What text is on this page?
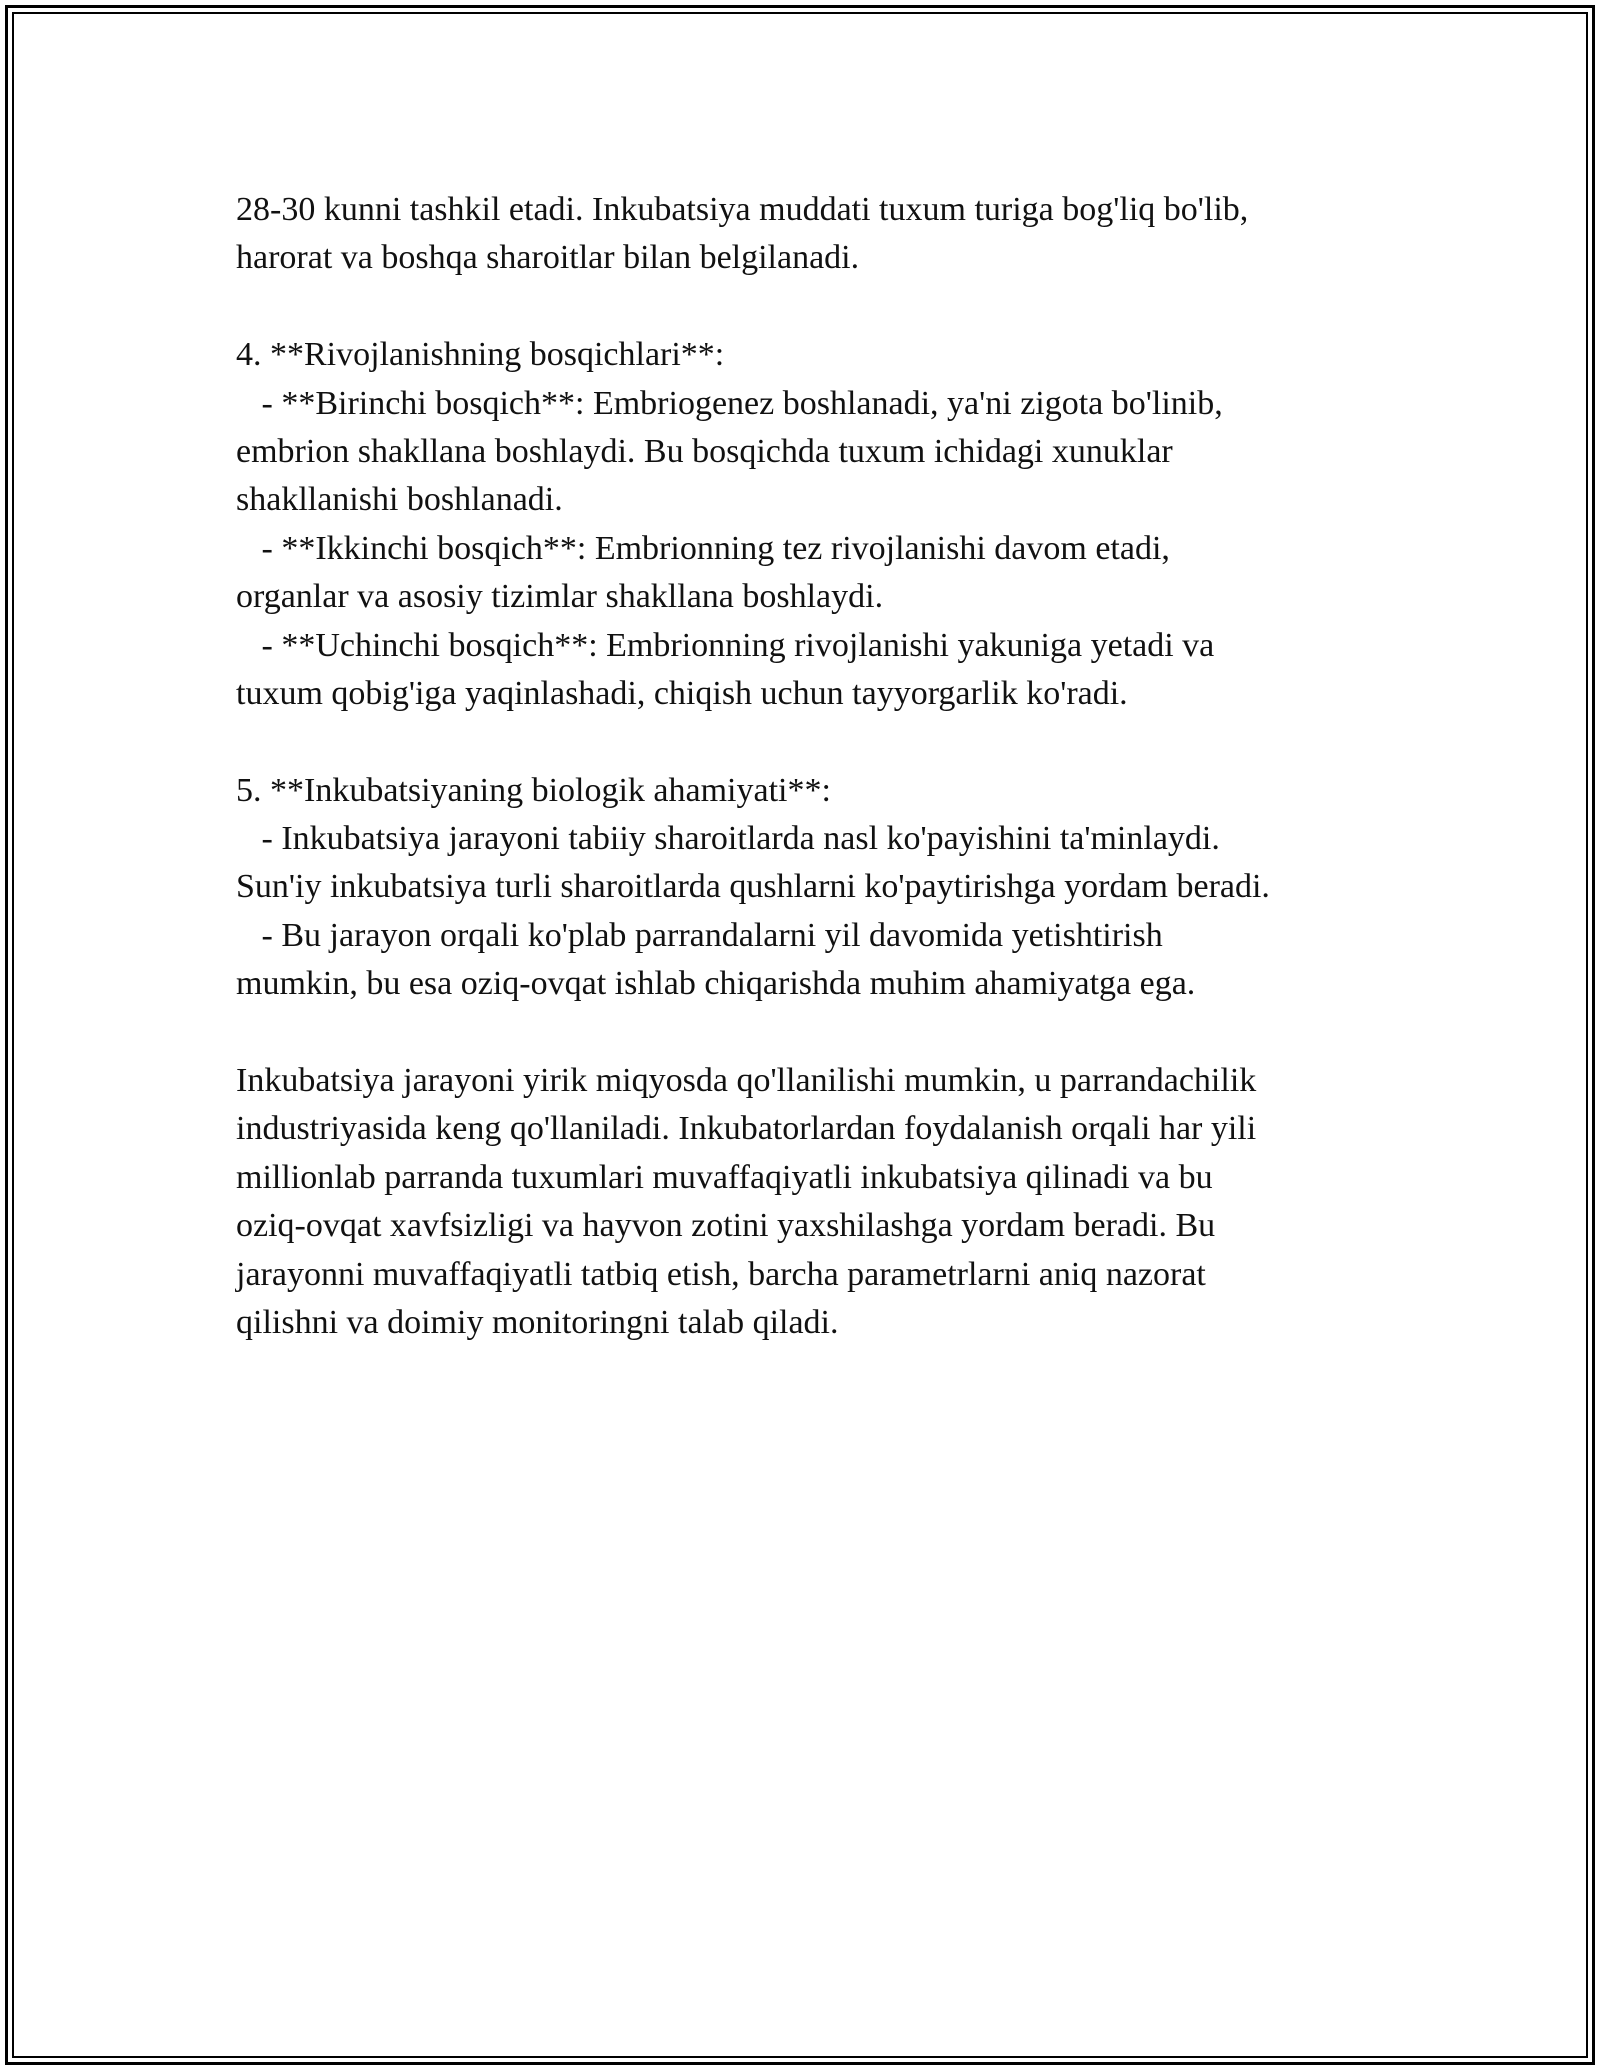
28-30 kunni tashkil etadi. Inkubatsiya muddati tuxum turiga bog'liq bo'lib,
harorat va boshqa sharoitlar bilan belgilanadi.
4. **Rivojlanishning bosqichlari**:
- **Birinchi bosqich**: Embriogenez boshlanadi, ya'ni zigota bo'linib,
embrion shakllana boshlaydi. Bu bosqichda tuxum ichidagi xunuklar
shakllanishi boshlanadi.
- **Ikkinchi bosqich**: Embrionning tez rivojlanishi davom etadi,
organlar va asosiy tizimlar shakllana boshlaydi.
- **Uchinchi bosqich**: Embrionning rivojlanishi yakuniga yetadi va
tuxum qobig'iga yaqinlashadi, chiqish uchun tayyorgarlik ko'radi.
5. **Inkubatsiyaning biologik ahamiyati**:
- Inkubatsiya jarayoni tabiiy sharoitlarda nasl ko'payishini ta'minlaydi.
Sun'iy inkubatsiya turli sharoitlarda qushlarni ko'paytirishga yordam beradi.
- Bu jarayon orqali ko'plab parrandalarni yil davomida yetishtirish
mumkin, bu esa oziq-ovqat ishlab chiqarishda muhim ahamiyatga ega.
Inkubatsiya jarayoni yirik miqyosda qo'llanilishi mumkin, u parrandachilik
industriyasida keng qo'llaniladi. Inkubatorlardan foydalanish orqali har yili
millionlab parranda tuxumlari muvaffaqiyatli inkubatsiya qilinadi va bu
oziq-ovqat xavfsizligi va hayvon zotini yaxshilashga yordam beradi. Bu
jarayonni muvaffaqiyatli tatbiq etish, barcha parametrlarni aniq nazorat
qilishni va doimiy monitoringni talab qiladi.
